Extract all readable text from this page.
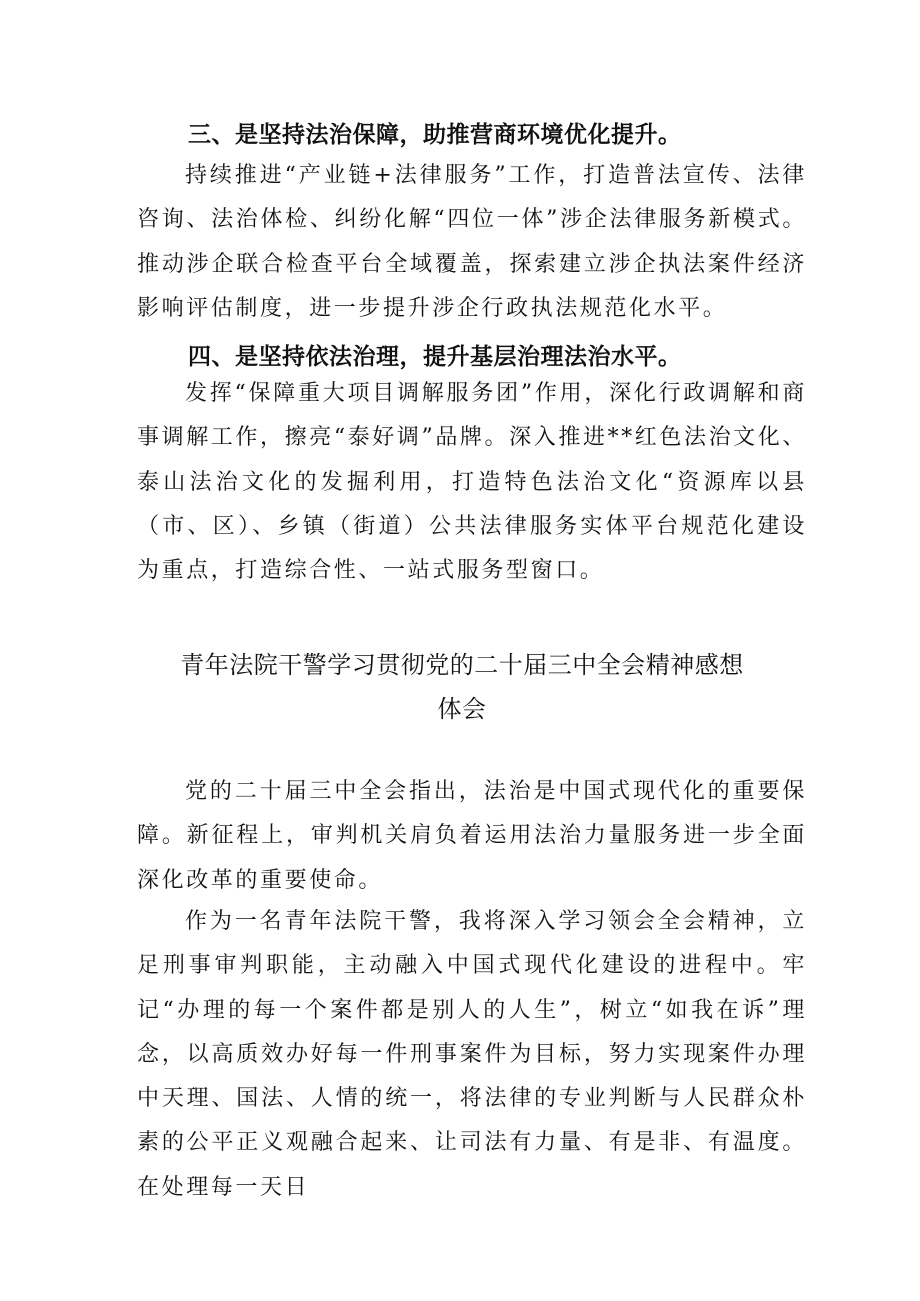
三、是坚持法治保障，助推营商环境优化提升。

持续推进“产业链+法律服务”工作，打造普法宣传、法律咨询、法治体检、纠纷化解“四位一体”涉企法律服务新模式。推动涉企联合检查平台全域覆盖，探索建立涉企执法案件经济影响评估制度，进一步提升涉企行政执法规范化水平。

四、是坚持依法治理，提升基层治理法治水平。

发挥“保障重大项目调解服务团”作用，深化行政调解和商事调解工作，擦亮“泰好调”品牌。深入推进**红色法治文化、泰山法治文化的发掘利用，打造特色法治文化“资源库以县（市、区）、乡镇（街道）公共法律服务实体平台规范化建设为重点，打造综合性、一站式服务型窗口。

青年法院干警学习贯彻党的二十届三中全会精神感想
体会

党的二十届三中全会指出，法治是中国式现代化的重要保障。新征程上，审判机关肩负着运用法治力量服务进一步全面深化改革的重要使命。

作为一名青年法院干警，我将深入学习领会全会精神，立足刑事审判职能，主动融入中国式现代化建设的进程中。牢记“办理的每一个案件都是别人的人生”，树立“如我在诉”理念，以高质效办好每一件刑事案件为目标，努力实现案件办理中天理、国法、人情的统一，将法律的专业判断与人民群众朴素的公平正义观融合起来、让司法有力量、有是非、有温度。在处理每一天日
